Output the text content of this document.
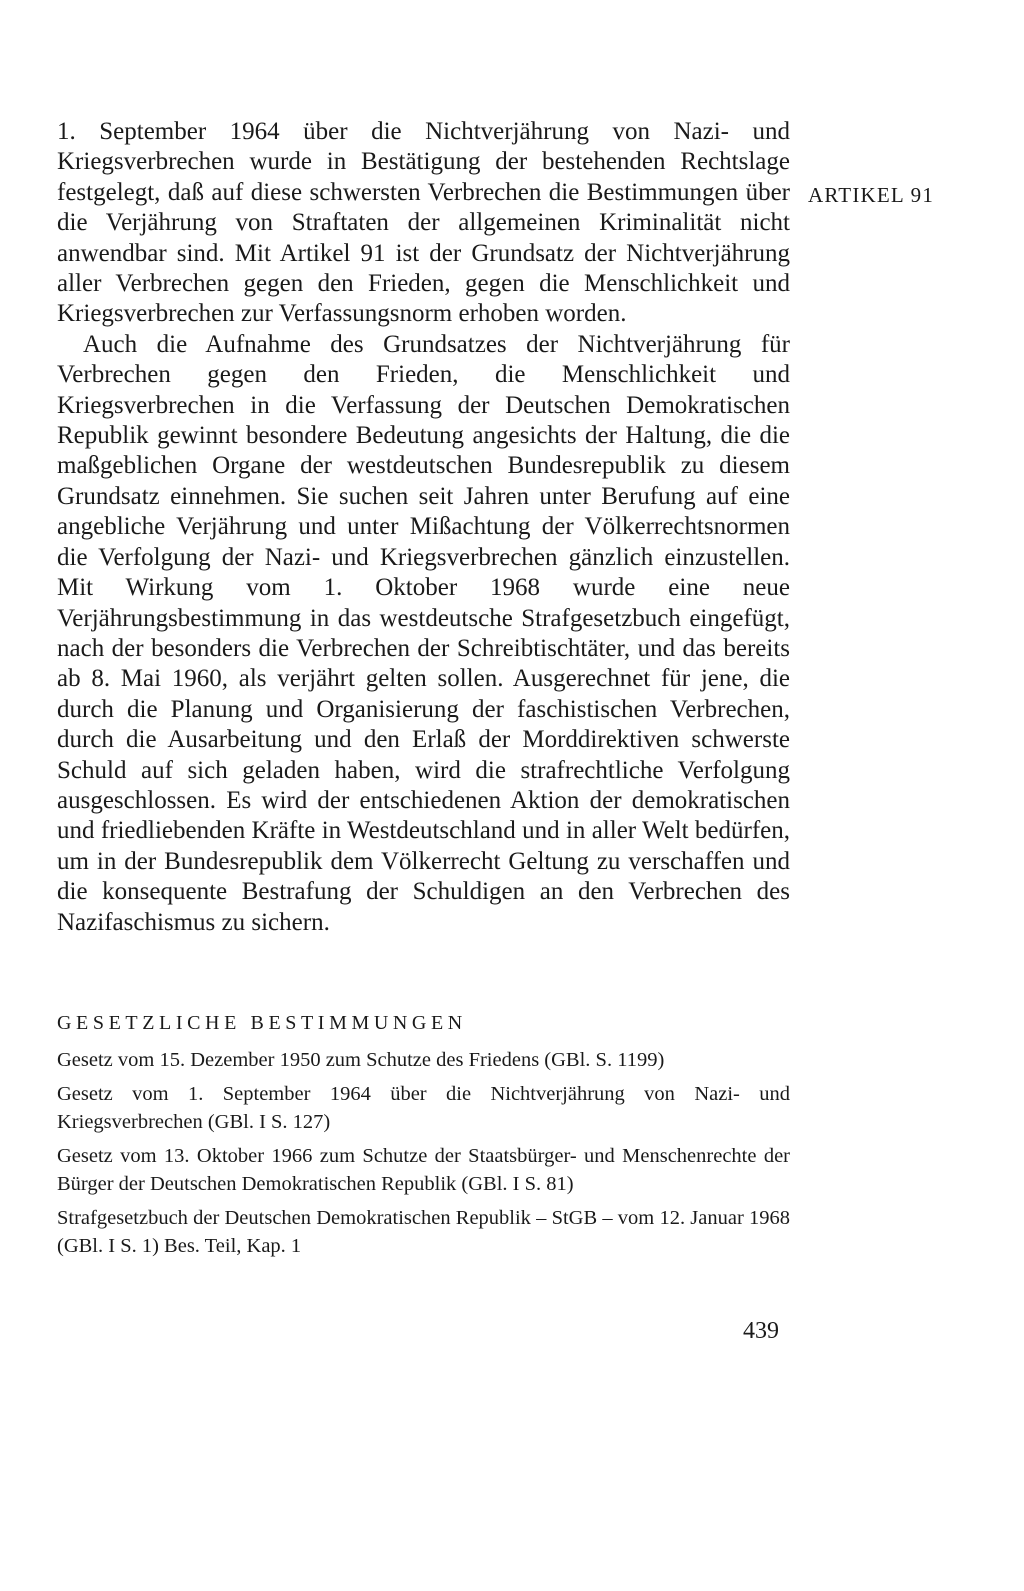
1. September 1964 über die Nichtverjährung von Nazi- und Kriegsverbrechen wurde in Bestätigung der bestehenden Rechtslage festgelegt, daß auf diese schwersten Verbrechen die Bestimmungen über die Verjährung von Straftaten der allgemeinen Kriminalität nicht anwendbar sind. Mit Artikel 91 ist der Grundsatz der Nichtverjährung aller Verbrechen gegen den Frieden, gegen die Menschlichkeit und Kriegsverbrechen zur Verfassungsnorm erhoben worden.

Auch die Aufnahme des Grundsatzes der Nichtverjährung für Verbrechen gegen den Frieden, die Menschlichkeit und Kriegsverbrechen in die Verfassung der Deutschen Demokratischen Republik gewinnt besondere Bedeutung angesichts der Haltung, die die maßgeblichen Organe der westdeutschen Bundesrepublik zu diesem Grundsatz einnehmen. Sie suchen seit Jahren unter Berufung auf eine angebliche Verjährung und unter Mißachtung der Völkerrechtsnormen die Verfolgung der Nazi- und Kriegsverbrechen gänzlich einzustellen. Mit Wirkung vom 1. Oktober 1968 wurde eine neue Verjährungsbestimmung in das westdeutsche Strafgesetzbuch eingefügt, nach der besonders die Verbrechen der Schreibtischtäter, und das bereits ab 8. Mai 1960, als verjährt gelten sollen. Ausgerechnet für jene, die durch die Planung und Organisierung der faschistischen Verbrechen, durch die Ausarbeitung und den Erlaß der Morddirektiven schwerste Schuld auf sich geladen haben, wird die strafrechtliche Verfolgung ausgeschlossen. Es wird der entschiedenen Aktion der demokratischen und friedliebenden Kräfte in Westdeutschland und in aller Welt bedürfen, um in der Bundesrepublik dem Völkerrecht Geltung zu verschaffen und die konsequente Bestrafung der Schuldigen an den Verbrechen des Nazifaschismus zu sichern.

ARTIKEL 91
GESETZLICHE BESTIMMUNGEN

Gesetz vom 15. Dezember 1950 zum Schutze des Friedens (GBl. S. 1199)

Gesetz vom 1. September 1964 über die Nichtverjährung von Nazi- und Kriegsverbrechen (GBl. I S. 127)

Gesetz vom 13. Oktober 1966 zum Schutze der Staatsbürger- und Menschenrechte der Bürger der Deutschen Demokratischen Republik (GBl. I S. 81)

Strafgesetzbuch der Deutschen Demokratischen Republik – StGB – vom 12. Januar 1968 (GBl. I S. 1) Bes. Teil, Kap. 1

439
